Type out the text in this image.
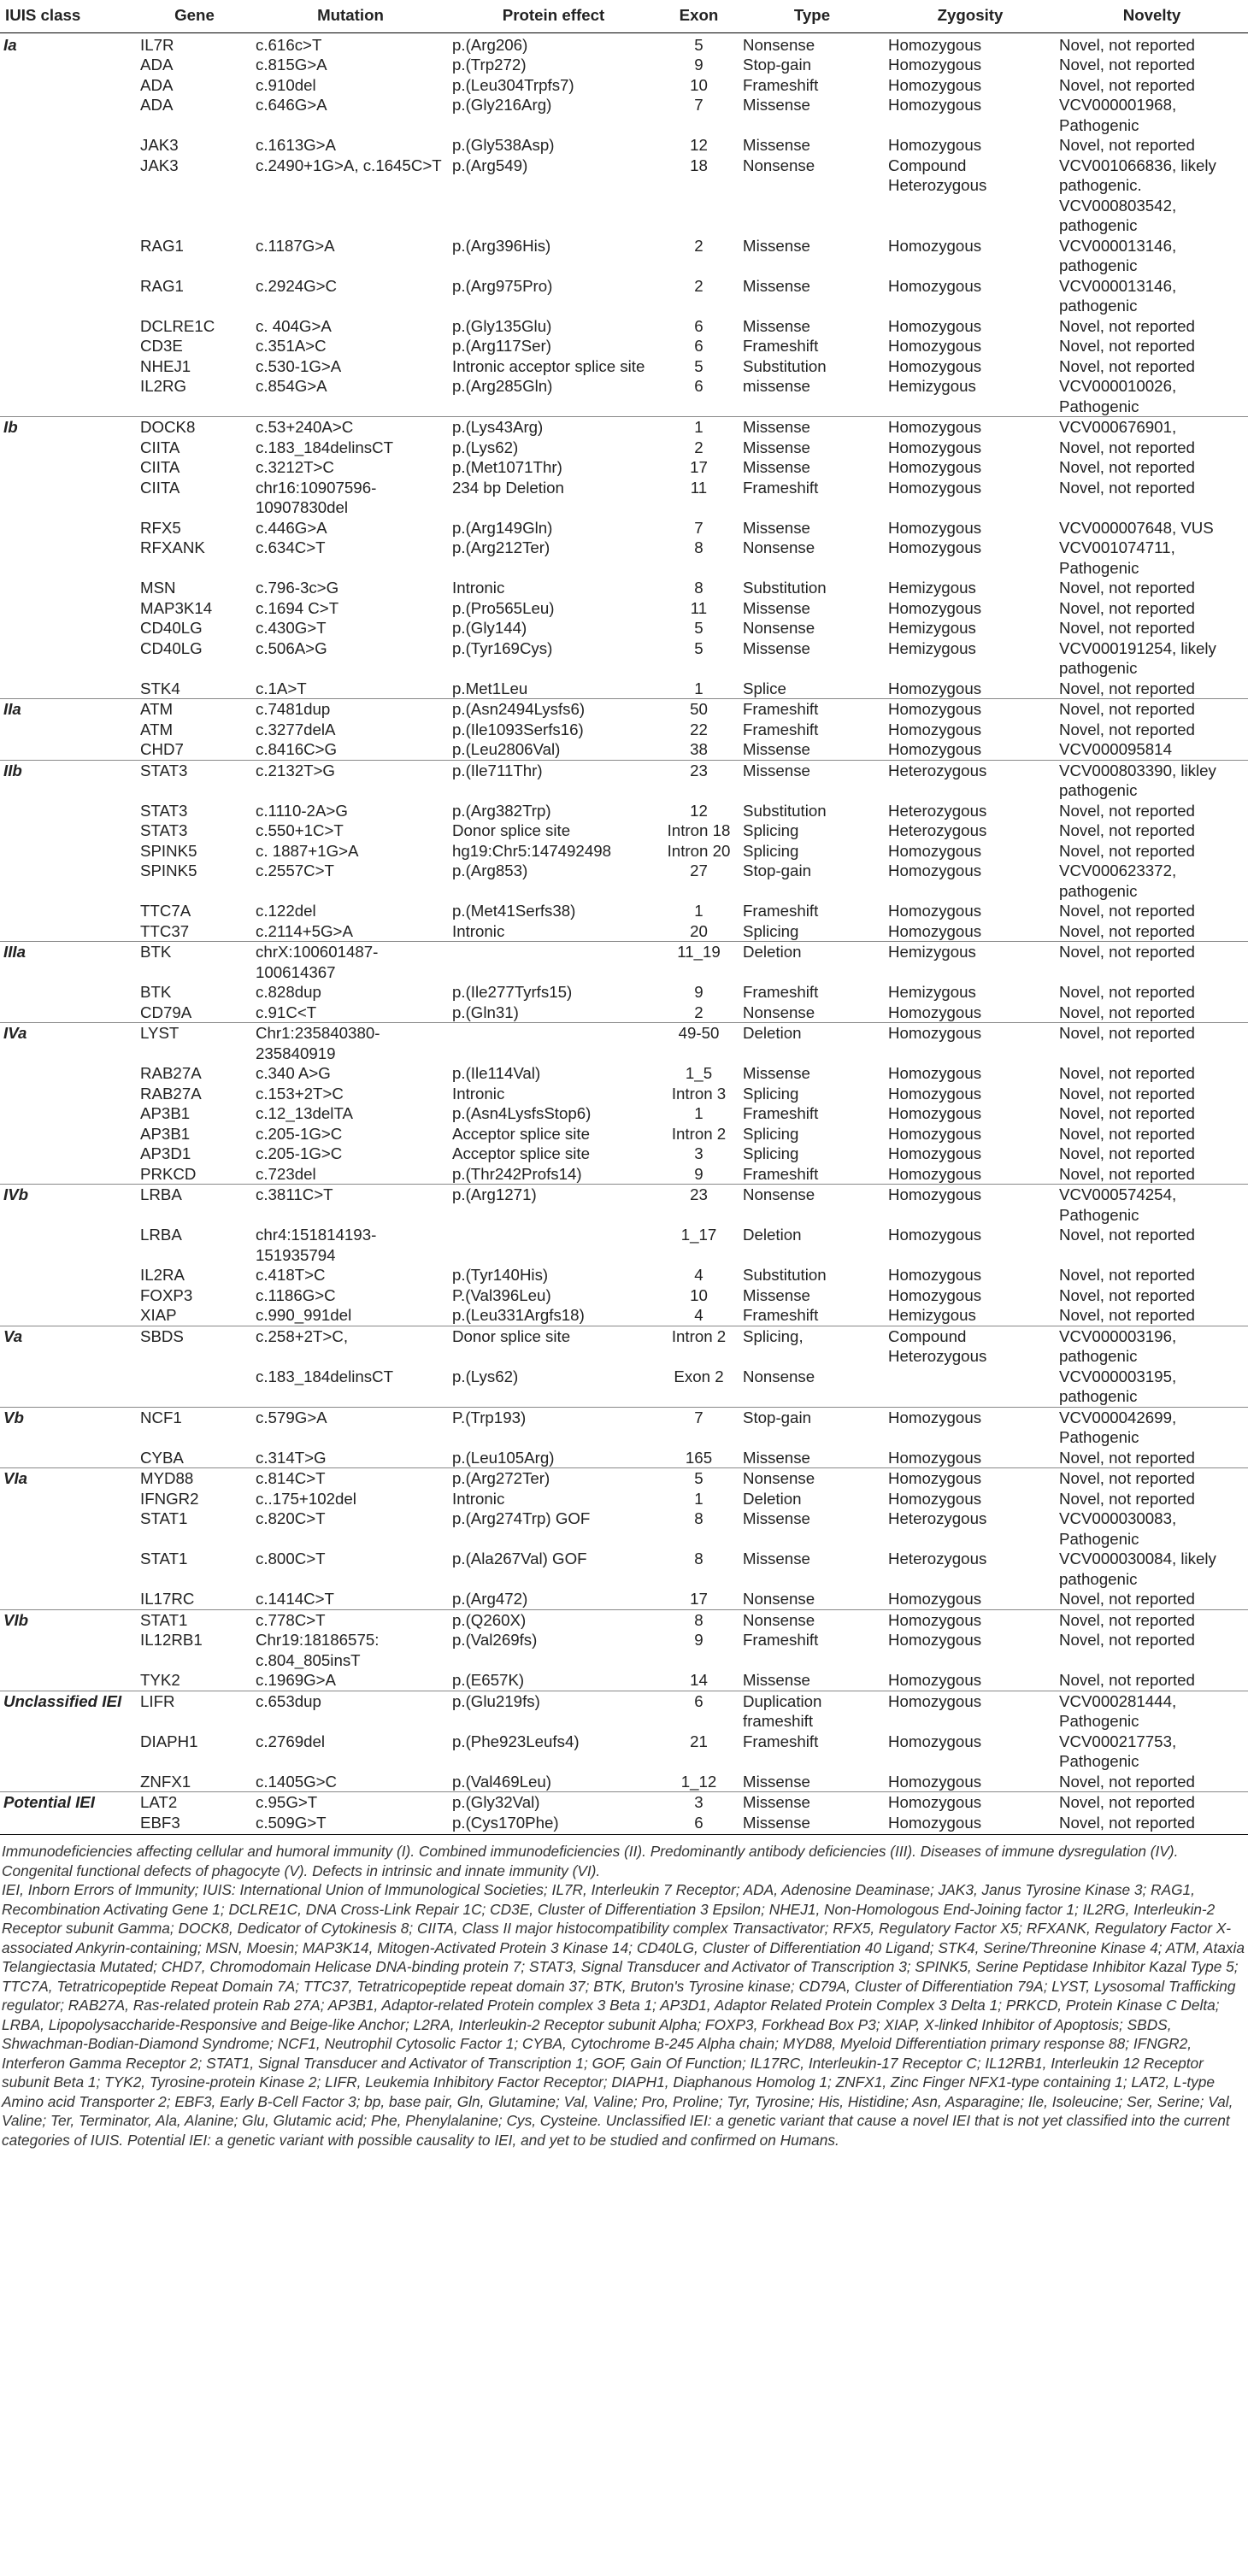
IUIS class	Gene	Mutation	Protein effect	Exon	Type	Zygosity	Novelty
Ia	IL7R	c.616c>T	p.(Arg206)	5	Nonsense	Homozygous	Novel, not reported
	ADA	c.815G>A	p.(Trp272)	9	Stop-gain	Homozygous	Novel, not reported
	ADA	c.910del	p.(Leu304Trpfs7)	10	Frameshift	Homozygous	Novel, not reported
	ADA	c.646G>A	p.(Gly216Arg)	7	Missense	Homozygous	VCV000001968, Pathogenic
	JAK3	c.1613G>A	p.(Gly538Asp)	12	Missense	Homozygous	Novel, not reported
	JAK3	c.2490+1G>A, c.1645C>T	p.(Arg549)	18	Nonsense	Compound Heterozygous	VCV001066836, likely pathogenic. VCV000803542, pathogenic
	RAG1	c.1187G>A	p.(Arg396His)	2	Missense	Homozygous	VCV000013146, pathogenic
	RAG1	c.2924G>C	p.(Arg975Pro)	2	Missense	Homozygous	VCV000013146, pathogenic
	DCLRE1C	c. 404G>A	p.(Gly135Glu)	6	Missense	Homozygous	Novel, not reported
	CD3E	c.351A>C	p.(Arg117Ser)	6	Frameshift	Homozygous	Novel, not reported
	NHEJ1	c.530-1G>A	Intronic acceptor splice site	5	Substitution	Homozygous	Novel, not reported
	IL2RG	c.854G>A	p.(Arg285Gln)	6	missense	Hemizygous	VCV000010026, Pathogenic
Ib	DOCK8	c.53+240A>C	p.(Lys43Arg)	1	Missense	Homozygous	VCV000676901,
	CIITA	c.183_184delinsCT	p.(Lys62)	2	Missense	Homozygous	Novel, not reported
	CIITA	c.3212T>C	p.(Met1071Thr)	17	Missense	Homozygous	Novel, not reported
	CIITA	chr16:10907596-10907830del	234 bp Deletion	11	Frameshift	Homozygous	Novel, not reported
	RFX5	c.446G>A	p.(Arg149Gln)	7	Missense	Homozygous	VCV000007648, VUS
	RFXANK	c.634C>T	p.(Arg212Ter)	8	Nonsense	Homozygous	VCV001074711, Pathogenic
	MSN	c.796-3c>G	Intronic	8	Substitution	Hemizygous	Novel, not reported
	MAP3K14	c.1694 C>T	p.(Pro565Leu)	11	Missense	Homozygous	Novel, not reported
	CD40LG	c.430G>T	p.(Gly144)	5	Nonsense	Hemizygous	Novel, not reported
	CD40LG	c.506A>G	p.(Tyr169Cys)	5	Missense	Hemizygous	VCV000191254, likely pathogenic
	STK4	c.1A>T	p.Met1Leu	1	Splice	Homozygous	Novel, not reported
IIa	ATM	c.7481dup	p.(Asn2494Lysfs6)	50	Frameshift	Homozygous	Novel, not reported
	ATM	c.3277delA	p.(Ile1093Serfs16)	22	Frameshift	Homozygous	Novel, not reported
	CHD7	c.8416C>G	p.(Leu2806Val)	38	Missense	Homozygous	VCV000095814
IIb	STAT3	c.2132T>G	p.(Ile711Thr)	23	Missense	Heterozygous	VCV000803390, likley pathogenic
	STAT3	c.1110-2A>G	p.(Arg382Trp)	12	Substitution	Heterozygous	Novel, not reported
	STAT3	c.550+1C>T	Donor splice site	Intron 18	Splicing	Heterozygous	Novel, not reported
	SPINK5	c. 1887+1G>A	hg19:Chr5:147492498	Intron 20	Splicing	Homozygous	Novel, not reported
	SPINK5	c.2557C>T	p.(Arg853)	27	Stop-gain	Homozygous	VCV000623372, pathogenic
	TTC7A	c.122del	p.(Met41Serfs38)	1	Frameshift	Homozygous	Novel, not reported
	TTC37	c.2114+5G>A	Intronic	20	Splicing	Homozygous	Novel, not reported
IIIa	BTK	chrX:100601487-100614367		11_19	Deletion	Hemizygous	Novel, not reported
	BTK	c.828dup	p.(Ile277Tyrfs15)	9	Frameshift	Hemizygous	Novel, not reported
	CD79A	c.91C<T	p.(Gln31)	2	Nonsense	Homozygous	Novel, not reported
IVa	LYST	Chr1:235840380-235840919		49-50	Deletion	Homozygous	Novel, not reported
	RAB27A	c.340 A>G	p.(Ile114Val)	1_5	Missense	Homozygous	Novel, not reported
	RAB27A	c.153+2T>C	Intronic	Intron 3	Splicing	Homozygous	Novel, not reported
	AP3B1	c.12_13delTA	p.(Asn4LysfsStop6)	1	Frameshift	Homozygous	Novel, not reported
	AP3B1	c.205-1G>C	Acceptor splice site	Intron 2	Splicing	Homozygous	Novel, not reported
	AP3D1	c.205-1G>C	Acceptor splice site	3	Splicing	Homozygous	Novel, not reported
	PRKCD	c.723del	p.(Thr242Profs14)	9	Frameshift	Homozygous	Novel, not reported
IVb	LRBA	c.3811C>T	p.(Arg1271)	23	Nonsense	Homozygous	VCV000574254, Pathogenic
	LRBA	chr4:151814193-151935794		1_17	Deletion	Homozygous	Novel, not reported
	IL2RA	c.418T>C	p.(Tyr140His)	4	Substitution	Homozygous	Novel, not reported
	FOXP3	c.1186G>C	P.(Val396Leu)	10	Missense	Homozygous	Novel, not reported
	XIAP	c.990_991del	p.(Leu331Argfs18)	4	Frameshift	Hemizygous	Novel, not reported
Va	SBDS	c.258+2T>C,	Donor splice site	Intron 2	Splicing,	Compound Heterozygous	VCV000003196, pathogenic
		c.183_184delinsCT	p.(Lys62)	Exon 2	Nonsense		VCV000003195, pathogenic
Vb	NCF1	c.579G>A	P.(Trp193)	7	Stop-gain	Homozygous	VCV000042699, Pathogenic
	CYBA	c.314T>G	p.(Leu105Arg)	165	Missense	Homozygous	Novel, not reported
VIa	MYD88	c.814C>T	p.(Arg272Ter)	5	Nonsense	Homozygous	Novel, not reported
	IFNGR2	c..175+102del	Intronic	1	Deletion	Homozygous	Novel, not reported
	STAT1	c.820C>T	p.(Arg274Trp) GOF	8	Missense	Heterozygous	VCV000030083, Pathogenic
	STAT1	c.800C>T	p.(Ala267Val) GOF	8	Missense	Heterozygous	VCV000030084, likely pathogenic
	IL17RC	c.1414C>T	p.(Arg472)	17	Nonsense	Homozygous	Novel, not reported
VIb	STAT1	c.778C>T	p.(Q260X)	8	Nonsense	Homozygous	Novel, not reported
	IL12RB1	Chr19:18186575: c.804_805insT	p.(Val269fs)	9	Frameshift	Homozygous	Novel, not reported
	TYK2	c.1969G>A	p.(E657K)	14	Missense	Homozygous	Novel, not reported
Unclassified IEI	LIFR	c.653dup	p.(Glu219fs)	6	Duplication frameshift	Homozygous	VCV000281444, Pathogenic
	DIAPH1	c.2769del	p.(Phe923Leufs4)	21	Frameshift	Homozygous	VCV000217753, Pathogenic
	ZNFX1	c.1405G>C	p.(Val469Leu)	1_12	Missense	Homozygous	Novel, not reported
Potential IEI	LAT2	c.95G>T	p.(Gly32Val)	3	Missense	Homozygous	Novel, not reported
	EBF3	c.509G>T	p.(Cys170Phe)	6	Missense	Homozygous	Novel, not reported

Immunodeficiencies affecting cellular and humoral immunity (I). Combined immunodeficiencies (II). Predominantly antibody deficiencies (III). Diseases of immune dysregulation (IV). Congenital functional defects of phagocyte (V). Defects in intrinsic and innate immunity (VI).

IEI, Inborn Errors of Immunity; IUIS: International Union of Immunological Societies; IL7R, Interleukin 7 Receptor; ADA, Adenosine Deaminase; JAK3, Janus Tyrosine Kinase 3; RAG1, Recombination Activating Gene 1; DCLRE1C, DNA Cross-Link Repair 1C; CD3E, Cluster of Differentiation 3 Epsilon; NHEJ1, Non-Homologous End-Joining factor 1; IL2RG, Interleukin-2 Receptor subunit Gamma; DOCK8, Dedicator of Cytokinesis 8; CIITA, Class II major histocompatibility complex Transactivator; RFX5, Regulatory Factor X5; RFXANK, Regulatory Factor X-associated Ankyrin-containing; MSN, Moesin; MAP3K14, Mitogen-Activated Protein 3 Kinase 14; CD40LG, Cluster of Differentiation 40 Ligand; STK4, Serine/Threonine Kinase 4; ATM, Ataxia Telangiectasia Mutated; CHD7, Chromodomain Helicase DNA-binding protein 7; STAT3, Signal Transducer and Activator of Transcription 3; SPINK5, Serine Peptidase Inhibitor Kazal Type 5; TTC7A, Tetratricopeptide Repeat Domain 7A; TTC37, Tetratricopeptide repeat domain 37; BTK, Bruton's Tyrosine kinase; CD79A, Cluster of Differentiation 79A; LYST, Lysosomal Trafficking regulator; RAB27A, Ras-related protein Rab 27A; AP3B1, Adaptor-related Protein complex 3 Beta 1; AP3D1, Adaptor Related Protein Complex 3 Delta 1; PRKCD, Protein Kinase C Delta; LRBA, Lipopolysaccharide-Responsive and Beige-like Anchor; L2RA, Interleukin-2 Receptor subunit Alpha; FOXP3, Forkhead Box P3; XIAP, X-linked Inhibitor of Apoptosis; SBDS, Shwachman-Bodian-Diamond Syndrome; NCF1, Neutrophil Cytosolic Factor 1; CYBA, Cytochrome B-245 Alpha chain; MYD88, Myeloid Differentiation primary response 88; IFNGR2, Interferon Gamma Receptor 2; STAT1, Signal Transducer and Activator of Transcription 1; GOF, Gain Of Function; IL17RC, Interleukin-17 Receptor C; IL12RB1, Interleukin 12 Receptor subunit Beta 1; TYK2, Tyrosine-protein Kinase 2; LIFR, Leukemia Inhibitory Factor Receptor; DIAPH1, Diaphanous Homolog 1; ZNFX1, Zinc Finger NFX1-type containing 1; LAT2, L-type Amino acid Transporter 2; EBF3, Early B-Cell Factor 3; bp, base pair, Gln, Glutamine; Val, Valine; Pro, Proline; Tyr, Tyrosine; His, Histidine; Asn, Asparagine; Ile, Isoleucine; Ser, Serine; Val, Valine; Ter, Terminator, Ala, Alanine; Glu, Glutamic acid; Phe, Phenylalanine; Cys, Cysteine. Unclassified IEI: a genetic variant that cause a novel IEI that is not yet classified into the current categories of IUIS. Potential IEI: a genetic variant with possible causality to IEI, and yet to be studied and confirmed on Humans.
